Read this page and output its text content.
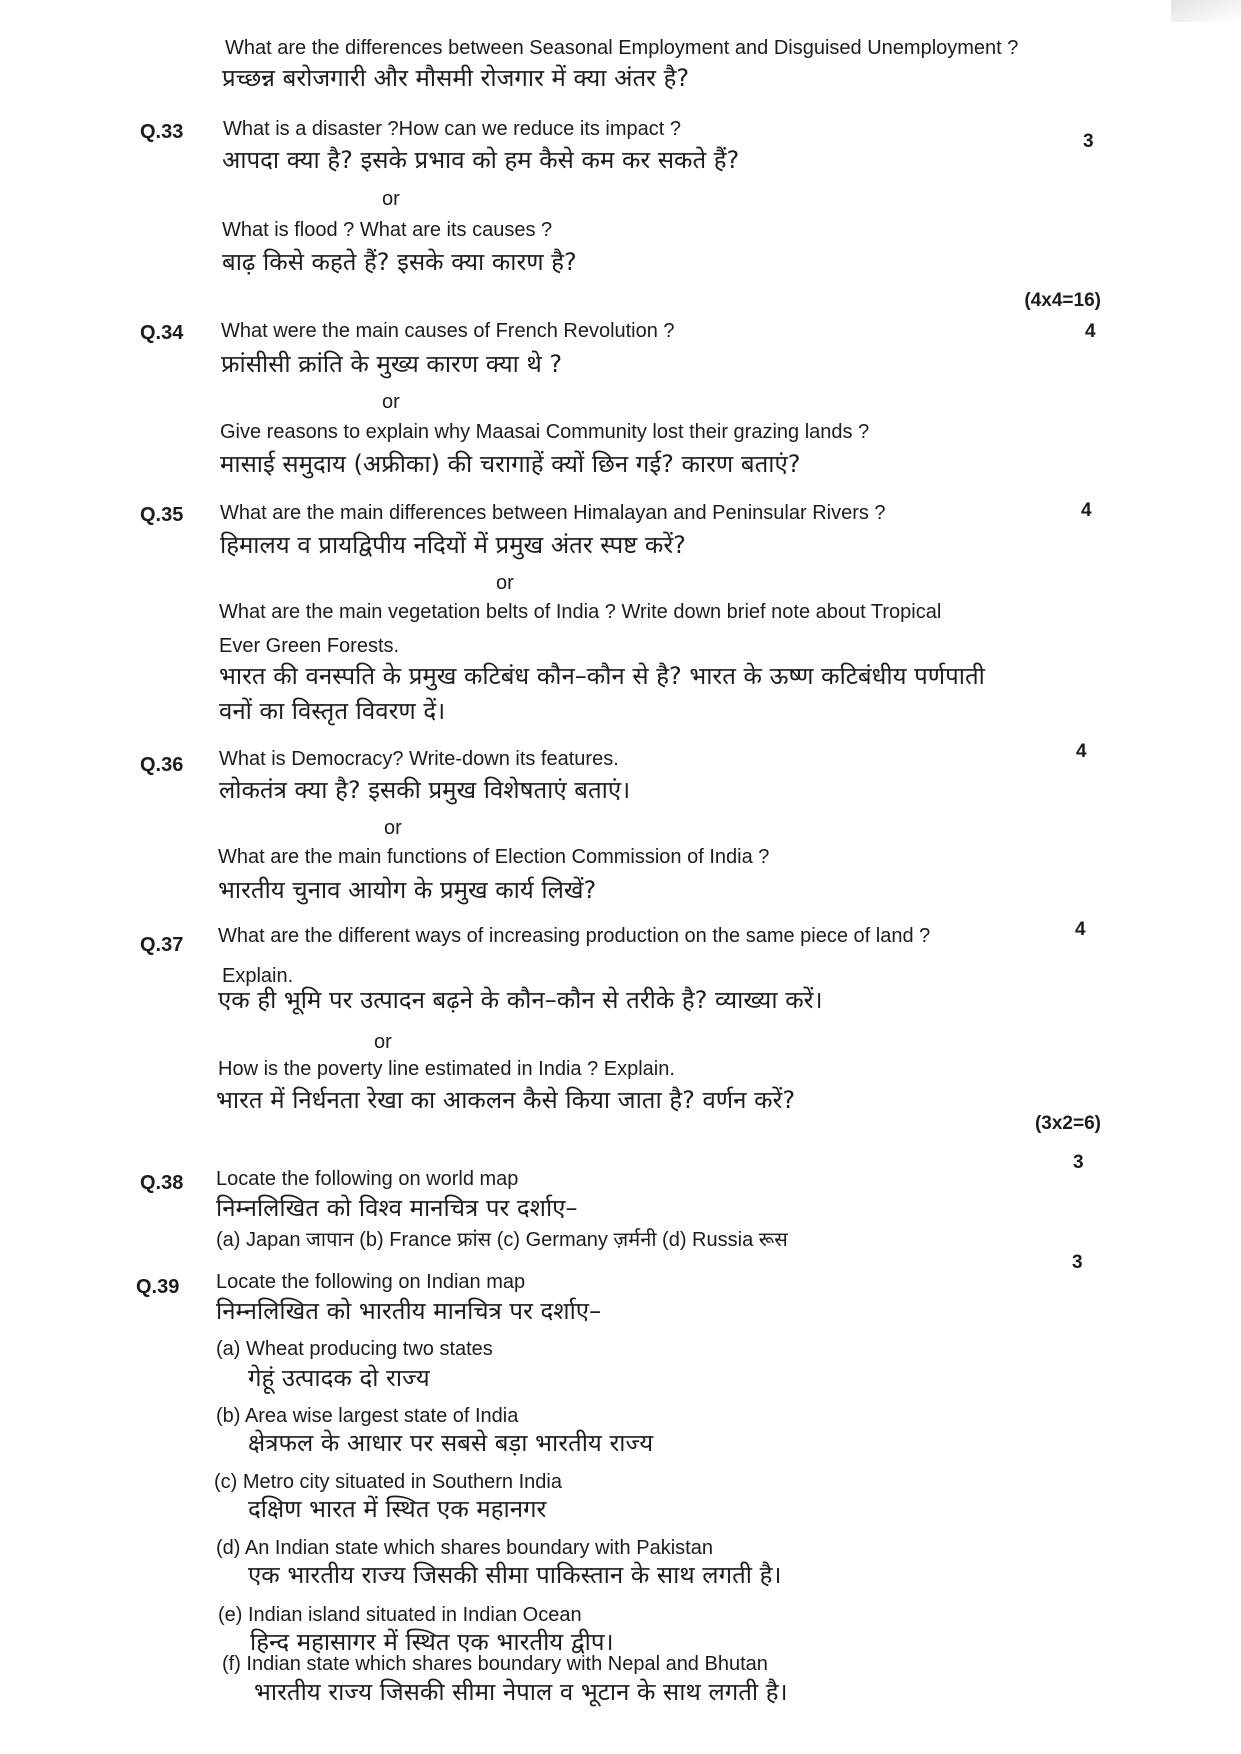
What are the differences between Seasonal Employment and Disguised Unemployment ?
प्रच्छन्न बरोजगारी और मौसमी रोजगार में क्या अंतर है?
Q.33	3
What is a disaster ?How can we reduce its impact ?
आपदा क्या है? इसके प्रभाव को हम कैसे कम कर सकते हैं?
or
What is flood ? What are its causes ?
बाढ़ किसे कहते हैं? इसके क्या कारण है?
(4x4=16)
Q.34	4
What were the main causes of French Revolution ?
फ्रांसीसी क्रांति के मुख्य कारण क्या थे ?
or
Give reasons to explain why Maasai Community lost their grazing lands ?
मासाई समुदाय (अफ्रीका) की चरागाहें क्यों छिन गई? कारण बताएं?
Q.35	4
What are the main differences between Himalayan and Peninsular Rivers ?
हिमालय व प्रायद्विपीय नदियों में प्रमुख अंतर स्पष्ट करें?
or
What are the main vegetation belts of India ? Write down brief note about Tropical
Ever Green Forests.
भारत की वनस्पति के प्रमुख कटिबंध कौन–कौन से है? भारत के ऊष्ण कटिबंधीय पर्णपाती
वनों का विस्तृत विवरण दें।
Q.36
4
What is Democracy? Write-down its features.
लोकतंत्र क्या है? इसकी प्रमुख विशेषताएं बताएं।
or
What are the main functions of Election Commission of India ?
भारतीय चुनाव आयोग के प्रमुख कार्य लिखें?
Q.37
4
What are the different ways of increasing production on the same piece of land ?
Explain.
एक ही भूमि पर उत्पादन बढ़ने के कौन–कौन से तरीके है? व्याख्या करें।
or
How is the poverty line estimated in India ? Explain.
भारत में निर्धनता रेखा का आकलन कैसे किया जाता है? वर्णन करें?
(3x2=6)
Q.38
3
Locate the following on world map
निम्नलिखित को विश्व मानचित्र पर दर्शाए–
(a) Japan जापान (b) France फ्रांस (c) Germany ज़र्मनी (d) Russia रूस
Q.39
3
Locate the following on Indian map
निम्नलिखित को भारतीय मानचित्र पर दर्शाए–
(a) Wheat producing two states
गेहूं उत्पादक दो राज्य
(b) Area wise largest state of India
क्षेत्रफल के आधार पर सबसे बड़ा भारतीय राज्य
(c) Metro city situated in Southern India
दक्षिण भारत में स्थित एक महानगर
(d) An Indian state which shares boundary with Pakistan
एक भारतीय राज्य जिसकी सीमा पाकिस्तान के साथ लगती है।
(e) Indian island situated in Indian Ocean
हिन्द महासागर में स्थित एक भारतीय द्वीप।
(f) Indian state which shares boundary with Nepal and Bhutan
भारतीय राज्य जिसकी सीमा नेपाल व भूटान के साथ लगती है।
